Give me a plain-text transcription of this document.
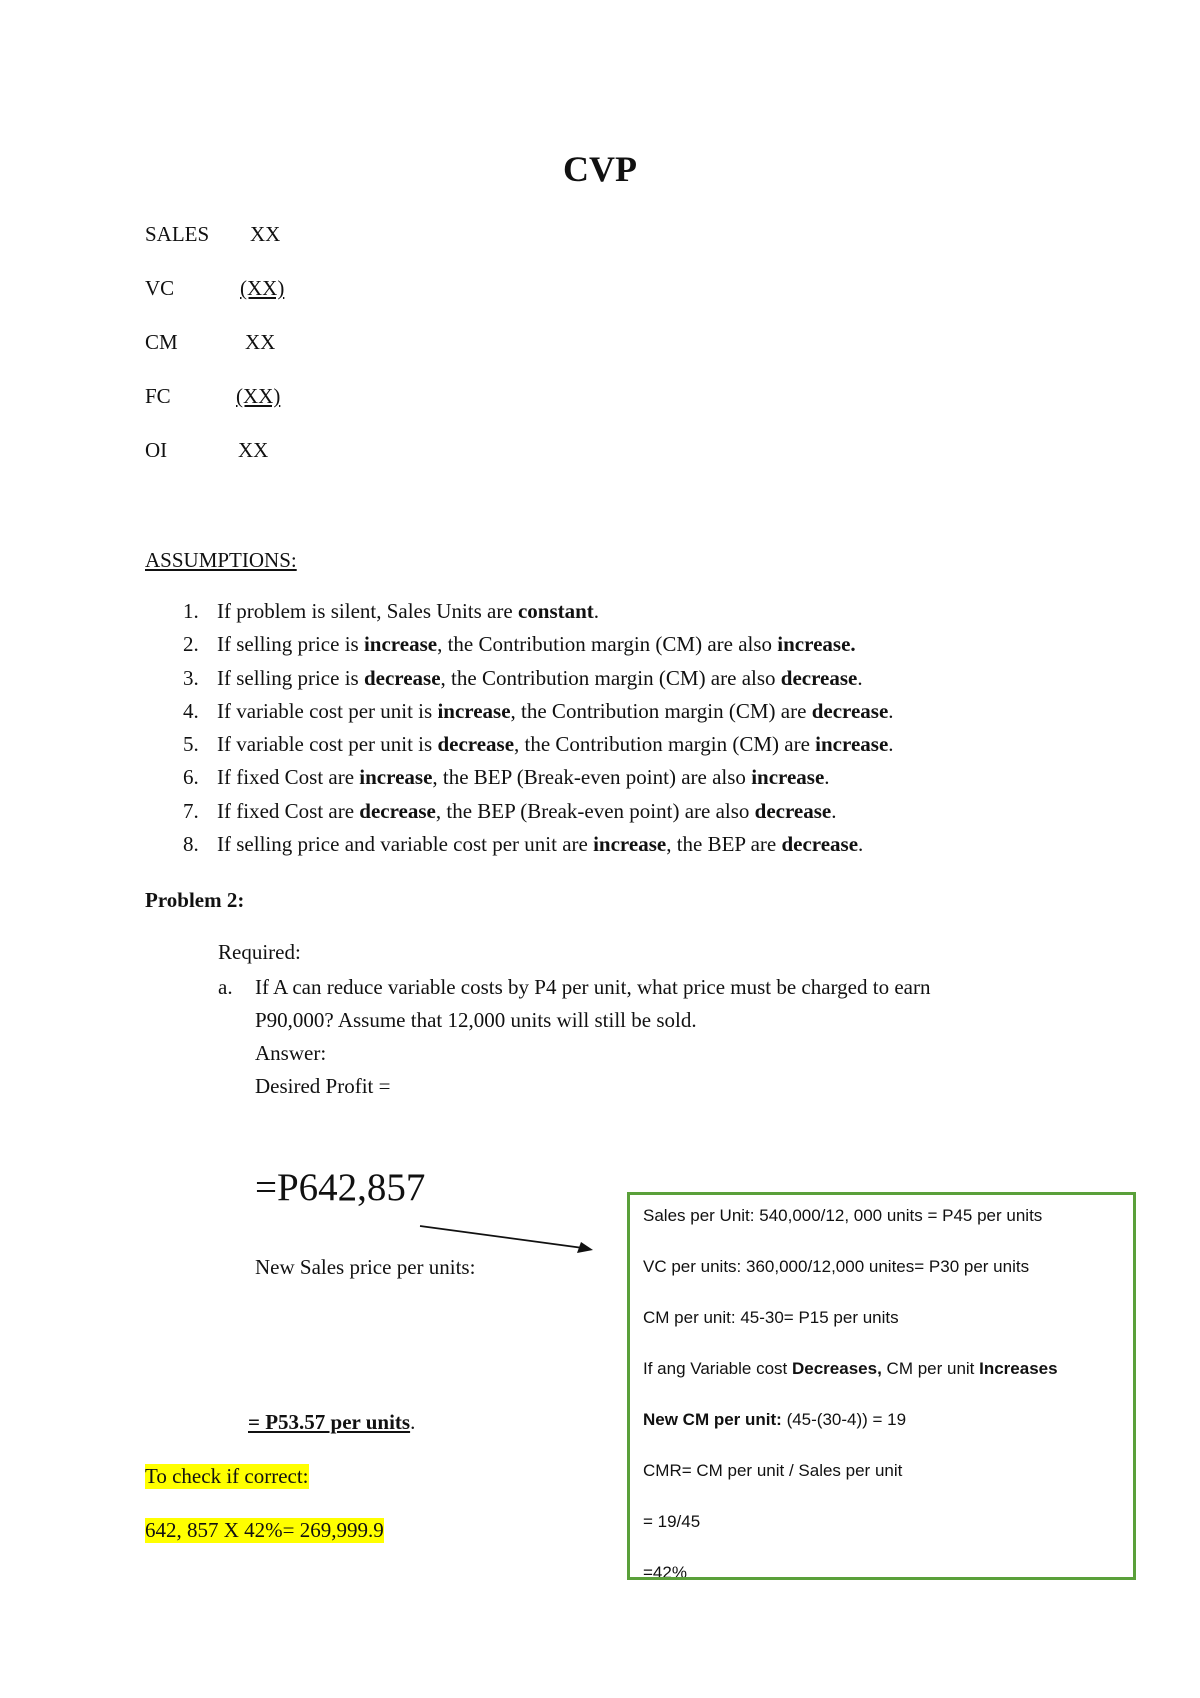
CVP
SALES XX
VC	(XX)
CM	XX
FC	(XX)
OI	XX
ASSUMPTIONS:
1. If problem is silent, Sales Units are constant.
2. If selling price is increase, the Contribution margin (CM) are also increase.
3. If selling price is decrease, the Contribution margin (CM) are also decrease.
4. If variable cost per unit is increase, the Contribution margin (CM) are decrease.
5. If variable cost per unit is decrease, the Contribution margin (CM) are increase.
6. If fixed Cost are increase, the BEP (Break-even point) are also increase.
7. If fixed Cost are decrease, the BEP (Break-even point) are also decrease.
8. If selling price and variable cost per unit are increase, the BEP are decrease.
Problem 2:
Required:
a. If A can reduce variable costs by P4 per unit, what price must be charged to earn
P90,000? Assume that 12,000 units will still be sold.
Answer:
Desired Profit =
=P642,857
New Sales price per units:
= P53.57 per units.
To check if correct:
642, 857 X 42%= 269,999.9
Sales per Unit: 540,000/12, 000 units = P45 per units
VC per units: 360,000/12,000 unites= P30 per units
CM per unit: 45-30= P15 per units
If ang Variable cost Decreases, CM per unit Increases
New CM per unit: (45-(30-4)) = 19
CMR= CM per unit / Sales per unit
= 19/45
=42%
